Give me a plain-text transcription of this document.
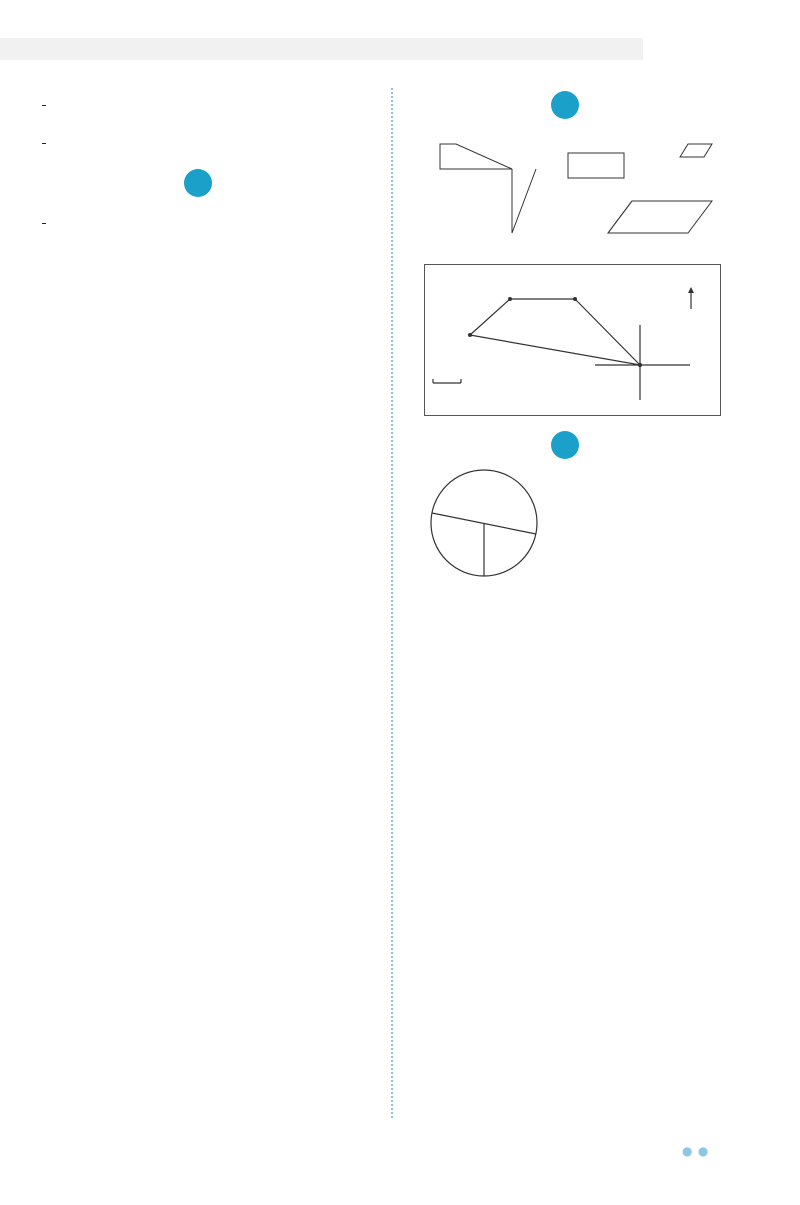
● ●
